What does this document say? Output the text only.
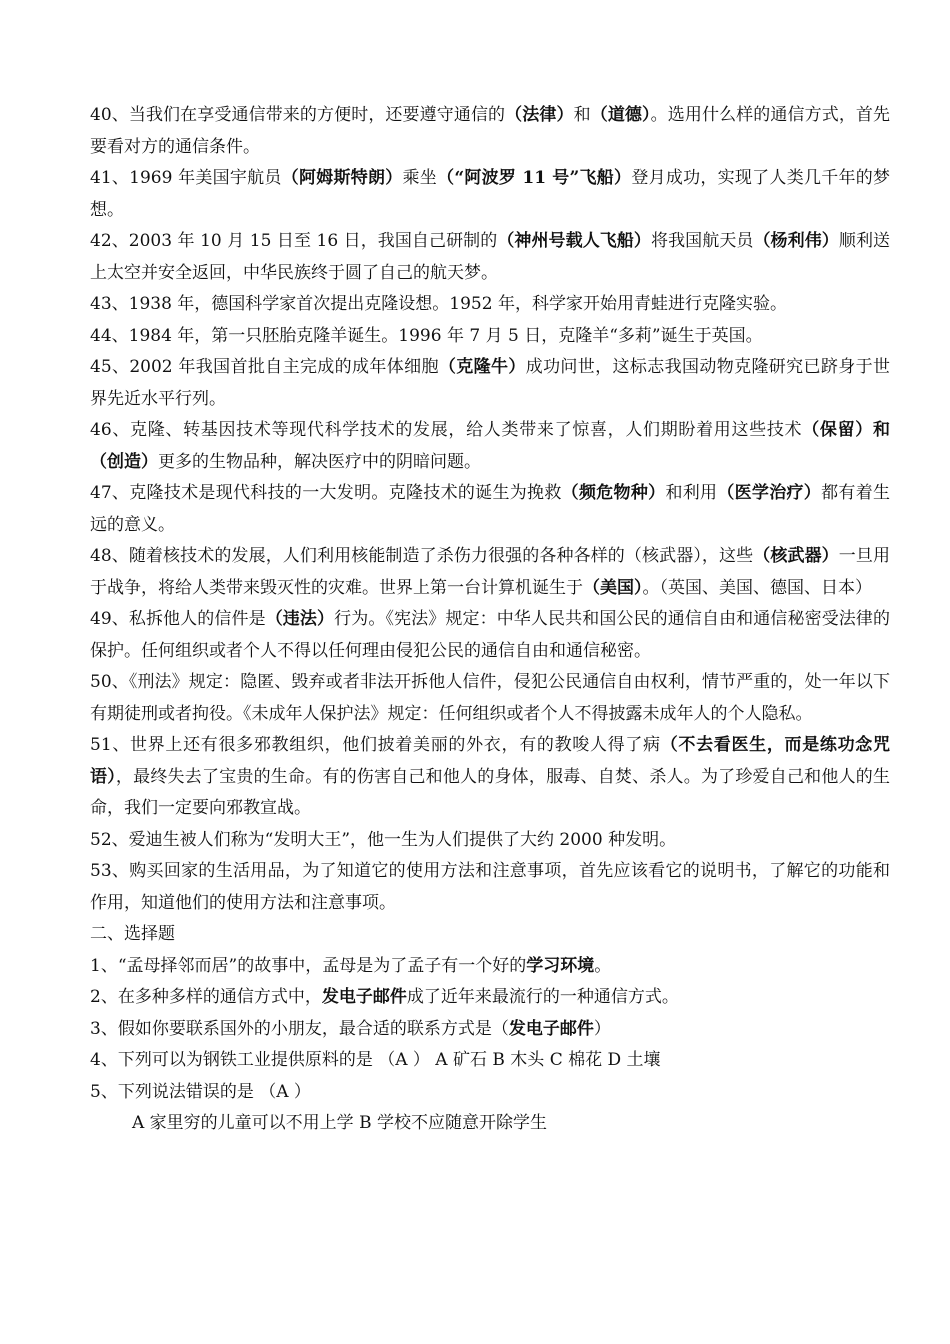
40、当我们在享受通信带来的方便时，还要遵守通信的（法律）和（道德）。选用什么样的通信方式，首先要看对方的通信条件。

41、1969 年美国宇航员（阿姆斯特朗）乘坐（“阿波罗 11 号”飞船）登月成功，实现了人类几千年的梦想。

42、2003 年 10 月 15 日至 16 日，我国自己研制的（神州号载人飞船）将我国航天员（杨利伟）顺利送上太空并安全返回，中华民族终于圆了自己的航天梦。

43、1938 年，德国科学家首次提出克隆设想。1952 年，科学家开始用青蛙进行克隆实验。

44、1984 年，第一只胚胎克隆羊诞生。1996 年 7 月 5 日，克隆羊“多莉”诞生于英国。

45、2002 年我国首批自主完成的成年体细胞（克隆牛）成功问世，这标志我国动物克隆研究已跻身于世界先近水平行列。

46、克隆、转基因技术等现代科学技术的发展，给人类带来了惊喜，人们期盼着用这些技术（保留）和（创造）更多的生物品种，解决医疗中的阴暗问题。

47、克隆技术是现代科技的一大发明。克隆技术的诞生为挽救（频危物种）和利用（医学治疗）都有着生远的意义。

48、随着核技术的发展，人们利用核能制造了杀伤力很强的各种各样的（核武器），这些（核武器）一旦用于战争，将给人类带来毁灭性的灾难。世界上第一台计算机诞生于（美国）。（英国、美国、德国、日本）

49、私拆他人的信件是（违法）行为。《宪法》规定：中华人民共和国公民的通信自由和通信秘密受法律的保护。任何组织或者个人不得以任何理由侵犯公民的通信自由和通信秘密。

50、《刑法》规定：隐匿、毁弃或者非法开拆他人信件，侵犯公民通信自由权利，情节严重的，处一年以下有期徒刑或者拘役。《未成年人保护法》规定：任何组织或者个人不得披露未成年人的个人隐私。

51、世界上还有很多邪教组织，他们披着美丽的外衣，有的教唆人得了病（不去看医生，而是练功念咒语），最终失去了宝贵的生命。有的伤害自己和他人的身体，服毒、自焚、杀人。为了珍爱自己和他人的生命，我们一定要向邪教宣战。

52、爱迪生被人们称为“发明大王”，他一生为人们提供了大约 2000 种发明。

53、购买回家的生活用品，为了知道它的使用方法和注意事项，首先应该看它的说明书，了解它的功能和作用，知道他们的使用方法和注意事项。

二、选择题

1、“孟母择邻而居”的故事中，孟母是为了孟子有一个好的学习环境。

2、在多种多样的通信方式中，发电子邮件成了近年来最流行的一种通信方式。

3、假如你要联系国外的小朋友，最合适的联系方式是（发电子邮件）

4、下列可以为钢铁工业提供原料的是 （A ） A 矿石 B 木头 C 棉花 D 土壤

5、下列说法错误的是 （A ）

A 家里穷的儿童可以不用上学 B 学校不应随意开除学生
